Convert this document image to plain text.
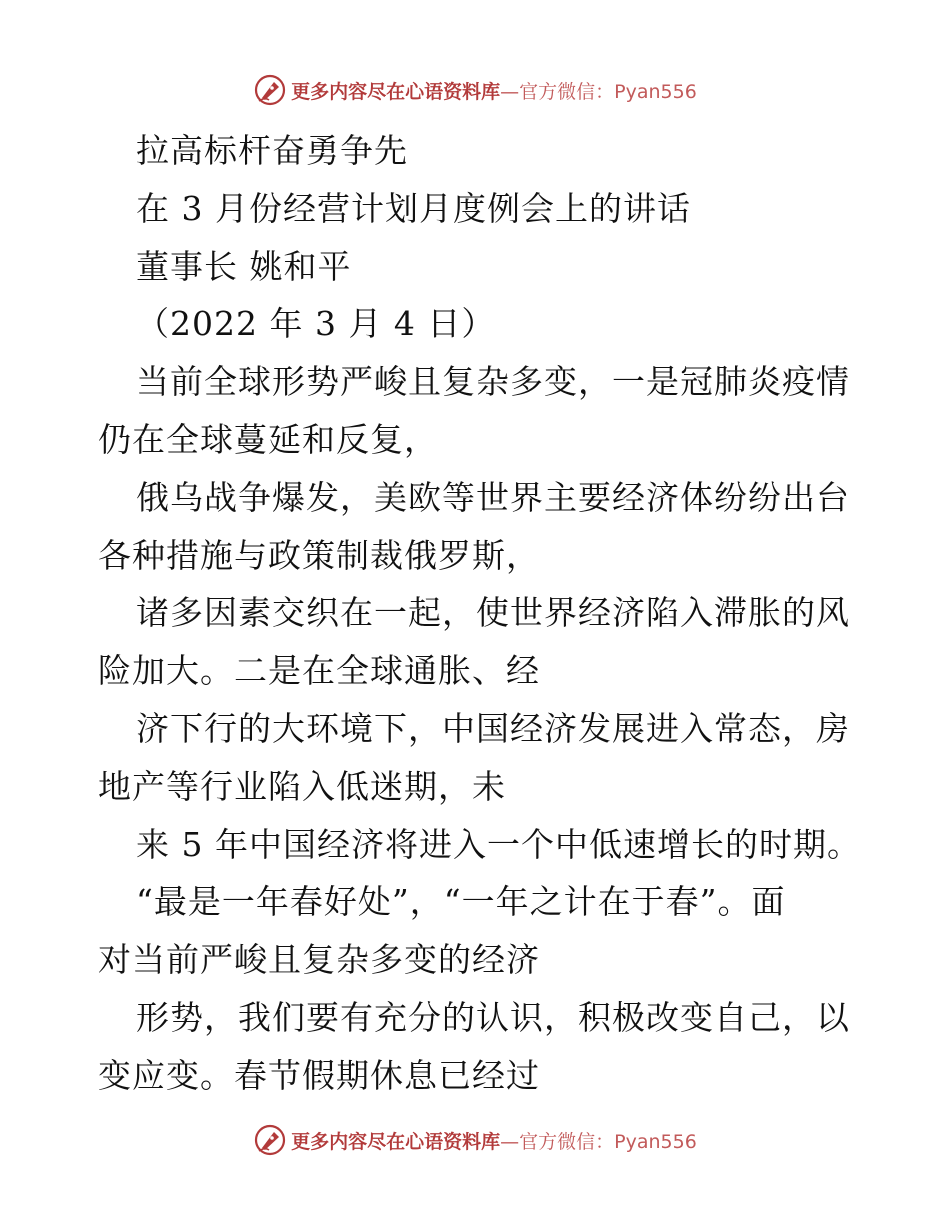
更多内容尽在心语资料库 —官方微信：Pyan556
拉高标杆奋勇争先
在 3 月份经营计划月度例会上的讲话
董事长 姚和平
（2022 年 3 月 4 日）
当前全球形势严峻且复杂多变，一是冠肺炎疫情
仍在全球蔓延和反复，
俄乌战争爆发，美欧等世界主要经济体纷纷出台
各种措施与政策制裁俄罗斯，
诸多因素交织在一起，使世界经济陷入滞胀的风
险加大。二是在全球通胀、经
济下行的大环境下，中国经济发展进入常态，房
地产等行业陷入低迷期，未
来 5 年中国经济将进入一个中低速增长的时期。
“最是一年春好处”，“一年之计在于春”。面
对当前严峻且复杂多变的经济
形势，我们要有充分的认识，积极改变自己，以
变应变。春节假期休息已经过
更多内容尽在心语资料库 —官方微信：Pyan556
